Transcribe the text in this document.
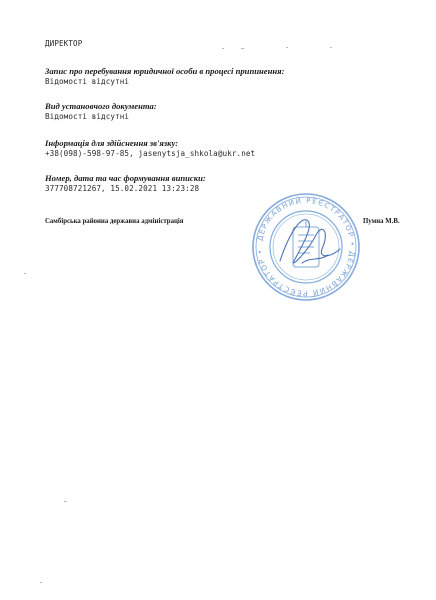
ДИРЕКТОР
Запис про перебування юридичної особи в процесі припинення:
Відомості відсутні
Вид установчого документа:
Відомості відсутні
Інформація для здійснення зв'язку:
+38(098)-598-97-85, jasenytsja_shkola@ukr.net
Номер, дата та час формування виписки:
377708721267, 15.02.2021 13:23:28
Самбірська районна державна адміністрація	Пумна М.В.
ДЕРЖАВНИЙ РЕЄСТРАТОР • ДЕРЖАВНИЙ РЕЄСТРАТОР •
